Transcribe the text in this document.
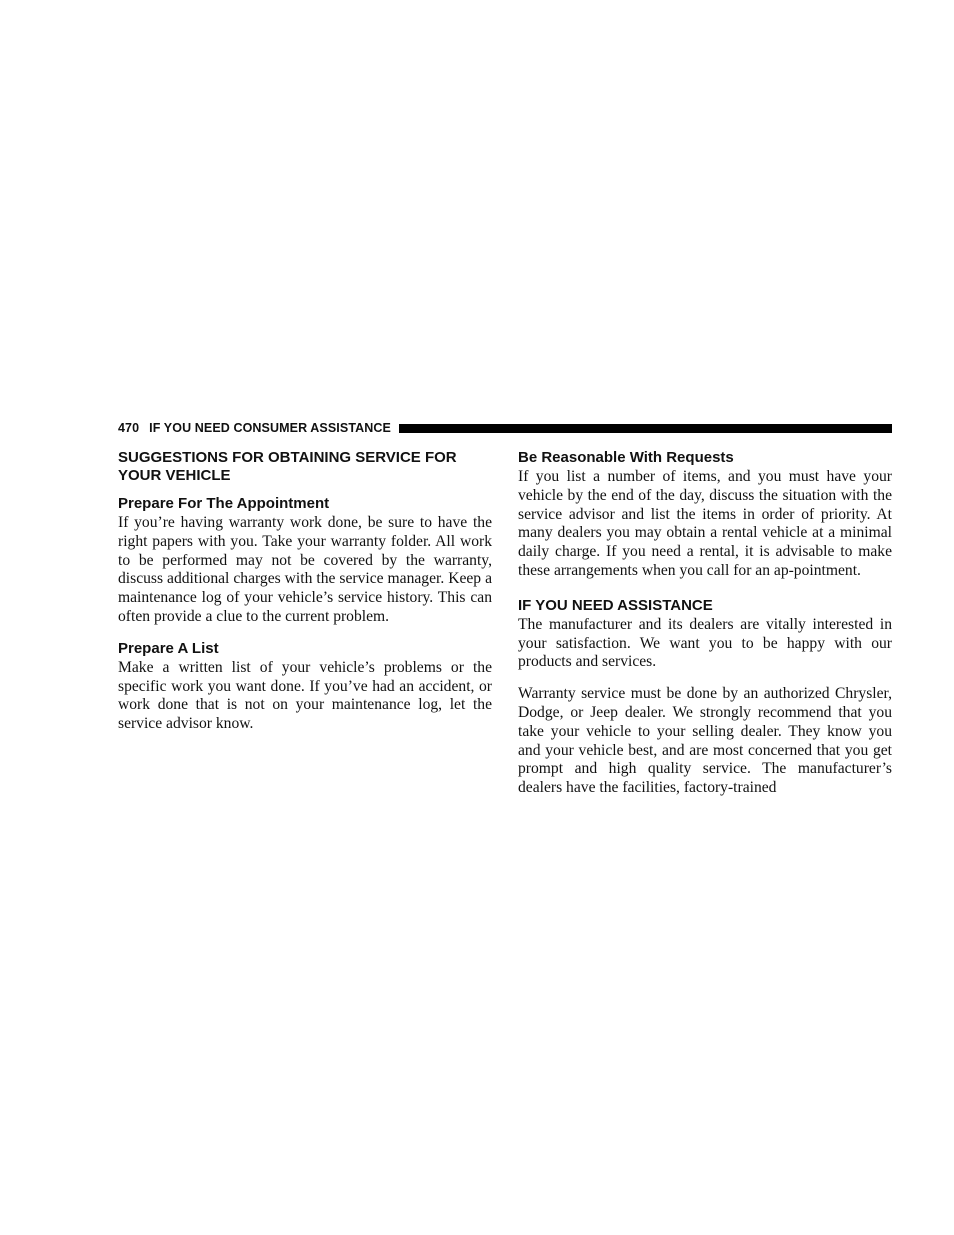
470 IF YOU NEED CONSUMER ASSISTANCE
SUGGESTIONS FOR OBTAINING SERVICE FOR YOUR VEHICLE
Prepare For The Appointment

If you’re having warranty work done, be sure to have the right papers with you. Take your warranty folder. All work to be performed may not be covered by the warranty, discuss additional charges with the service manager. Keep a maintenance log of your vehicle’s service history. This can often provide a clue to the current problem.

Prepare A List

Make a written list of your vehicle’s problems or the specific work you want done. If you’ve had an accident, or work done that is not on your maintenance log, let the service advisor know.

Be Reasonable With Requests

If you list a number of items, and you must have your vehicle by the end of the day, discuss the situation with the service advisor and list the items in order of priority. At many dealers you may obtain a rental vehicle at a minimal daily charge. If you need a rental, it is advisable to make these arrangements when you call for an ap-pointment.

IF YOU NEED ASSISTANCE

The manufacturer and its dealers are vitally interested in your satisfaction. We want you to be happy with our products and services.

Warranty service must be done by an authorized Chrysler, Dodge, or Jeep dealer. We strongly recommend that you take your vehicle to your selling dealer. They know you and your vehicle best, and are most concerned that you get prompt and high quality service. The manufacturer’s dealers have the facilities, factory-trained
